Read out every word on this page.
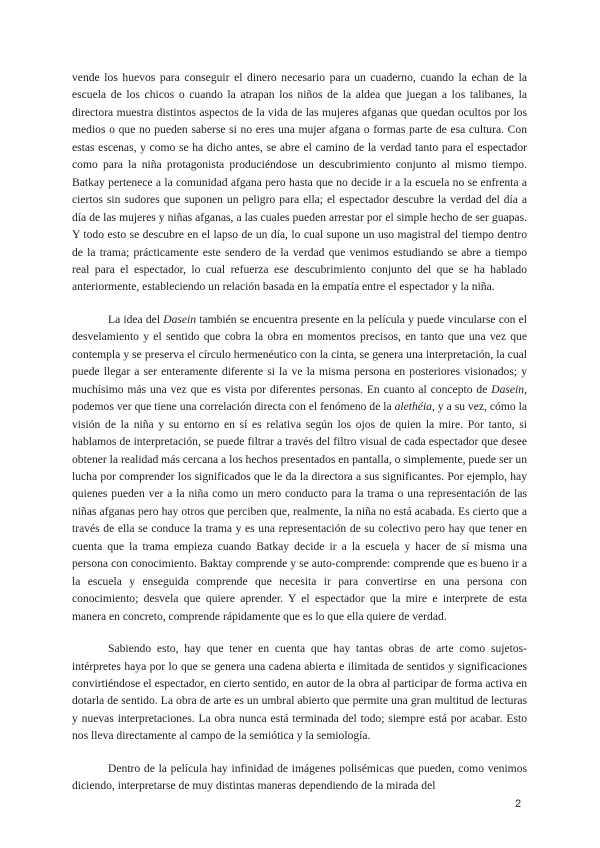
vende los huevos para conseguir el dinero necesario para un cuaderno, cuando la echan de la escuela de los chicos o cuando la atrapan los niños de la aldea que juegan a los talibanes, la directora muestra distintos aspectos de la vida de las mujeres afganas que quedan ocultos por los medios o que no pueden saberse si no eres una mujer afgana o formas parte de esa cultura. Con estas escenas, y como se ha dicho antes, se abre el camino de la verdad tanto para el espectador como para la niña protagonista produciéndose un descubrimiento conjunto al mismo tiempo. Batkay pertenece a la comunidad afgana pero hasta que no decide ir a la escuela no se enfrenta a ciertos sin sudores que suponen un peligro para ella; el espectador descubre la verdad del día a día de las mujeres y niñas afganas, a las cuales pueden arrestar por el simple hecho de ser guapas. Y todo esto se descubre en el lapso de un día, lo cual supone un uso magistral del tiempo dentro de la trama; prácticamente este sendero de la verdad que venimos estudiando se abre a tiempo real para el espectador, lo cual refuerza ese descubrimiento conjunto del que se ha hablado anteriormente, estableciendo un relación basada en la empatía entre el espectador y la niña.

La idea del Dasein también se encuentra presente en la película y puede vincularse con el desvelamiento y el sentido que cobra la obra en momentos precisos, en tanto que una vez que contempla y se preserva el círculo hermenéutico con la cinta, se genera una interpretación, la cual puede llegar a ser enteramente diferente si la ve la misma persona en posteriores visionados; y muchísimo más una vez que es vista por diferentes personas. En cuanto al concepto de Dasein, podemos ver que tiene una correlación directa con el fenómeno de la alethéia, y a su vez, cómo la visión de la niña y su entorno en sí es relativa según los ojos de quien la mire. Por tanto, si hablamos de interpretación, se puede filtrar a través del filtro visual de cada espectador que desee obtener la realidad más cercana a los hechos presentados en pantalla, o simplemente, puede ser un lucha por comprender los significados que le da la directora a sus significantes. Por ejemplo, hay quienes pueden ver a la niña como un mero conducto para la trama o una representación de las niñas afganas pero hay otros que perciben que, realmente, la niña no está acabada. Es cierto que a través de ella se conduce la trama y es una representación de su colectivo pero hay que tener en cuenta que la trama empieza cuando Batkay decide ir a la escuela y hacer de sí misma una persona con conocimiento. Baktay comprende y se auto-comprende: comprende que es bueno ir a la escuela y enseguida comprende que necesita ir para convertirse en una persona con conocimiento; desvela que quiere aprender. Y el espectador que la mire e interprete de esta manera en concreto, comprende rápidamente que es lo que ella quiere de verdad.

Sabiendo esto, hay que tener en cuenta que hay tantas obras de arte como sujetos-intérpretes haya por lo que se genera una cadena abierta e ilimitada de sentidos y significaciones convirtiéndose el espectador, en cierto sentido, en autor de la obra al participar de forma activa en dotarla de sentido. La obra de arte es un umbral abierto que permite una gran multitud de lecturas y nuevas interpretaciones. La obra nunca está terminada del todo; siempre está por acabar. Esto nos lleva directamente al campo de la semiótica y la semiología.

Dentro de la película hay infinidad de imágenes polisémicas que pueden, como venimos diciendo, interpretarse de muy distintas maneras dependiendo de la mirada del

2
